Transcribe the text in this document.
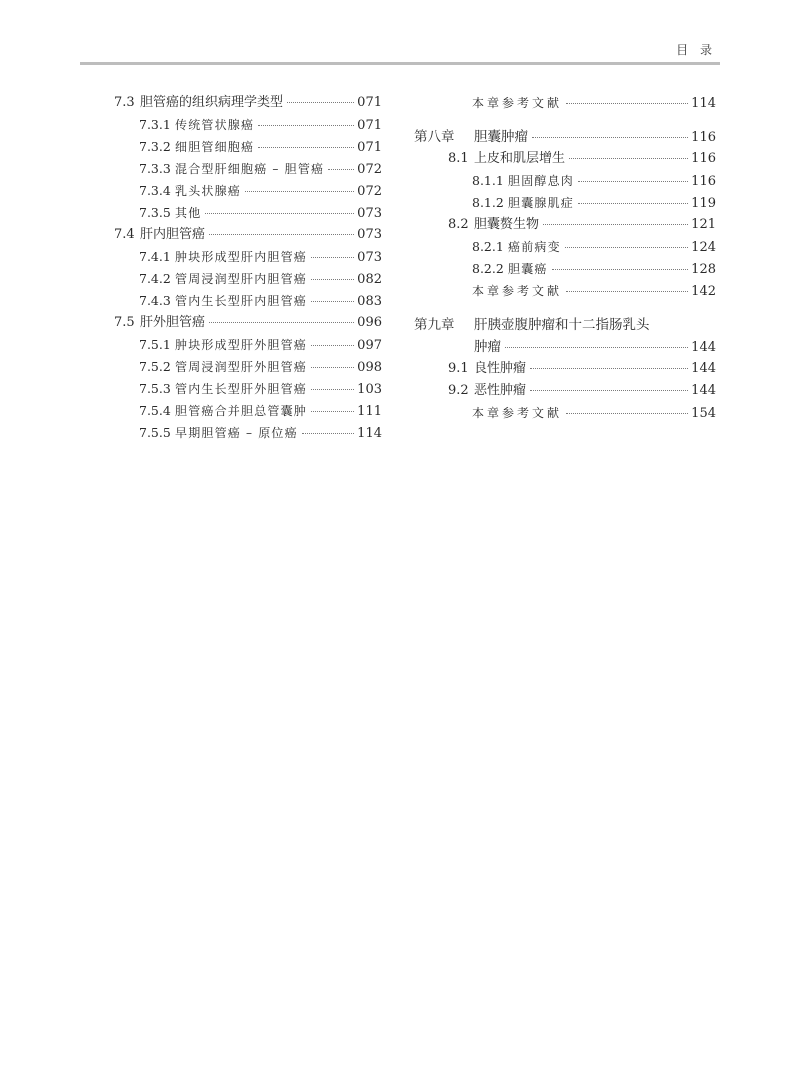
目 录
7.3 胆管癌的组织病理学类型	071
7.3.1 传统管状腺癌	071
7.3.2 细胆管细胞癌	071
7.3.3 混合型肝细胞癌 – 胆管癌	072
7.3.4 乳头状腺癌	072
7.3.5 其他	073
7.4 肝内胆管癌	073
7.4.1 肿块形成型肝内胆管癌	073
7.4.2 管周浸润型肝内胆管癌	082
7.4.3 管内生长型肝内胆管癌	083
7.5 肝外胆管癌	096
7.5.1 肿块形成型肝外胆管癌	097
7.5.2 管周浸润型肝外胆管癌	098
7.5.3 管内生长型肝外胆管癌	103
7.5.4 胆管癌合并胆总管囊肿	111
7.5.5 早期胆管癌 – 原位癌	114
本章参考文献	114
第八章	胆囊肿瘤	116
8.1 上皮和肌层增生	116
8.1.1 胆固醇息肉	116
8.1.2 胆囊腺肌症	119
8.2 胆囊赘生物	121
8.2.1 癌前病变	124
8.2.2 胆囊癌	128
本章参考文献	142
第九章	肝胰壶腹肿瘤和十二指肠乳头
肿瘤	144
9.1 良性肿瘤	144
9.2 恶性肿瘤	144
本章参考文献	154
